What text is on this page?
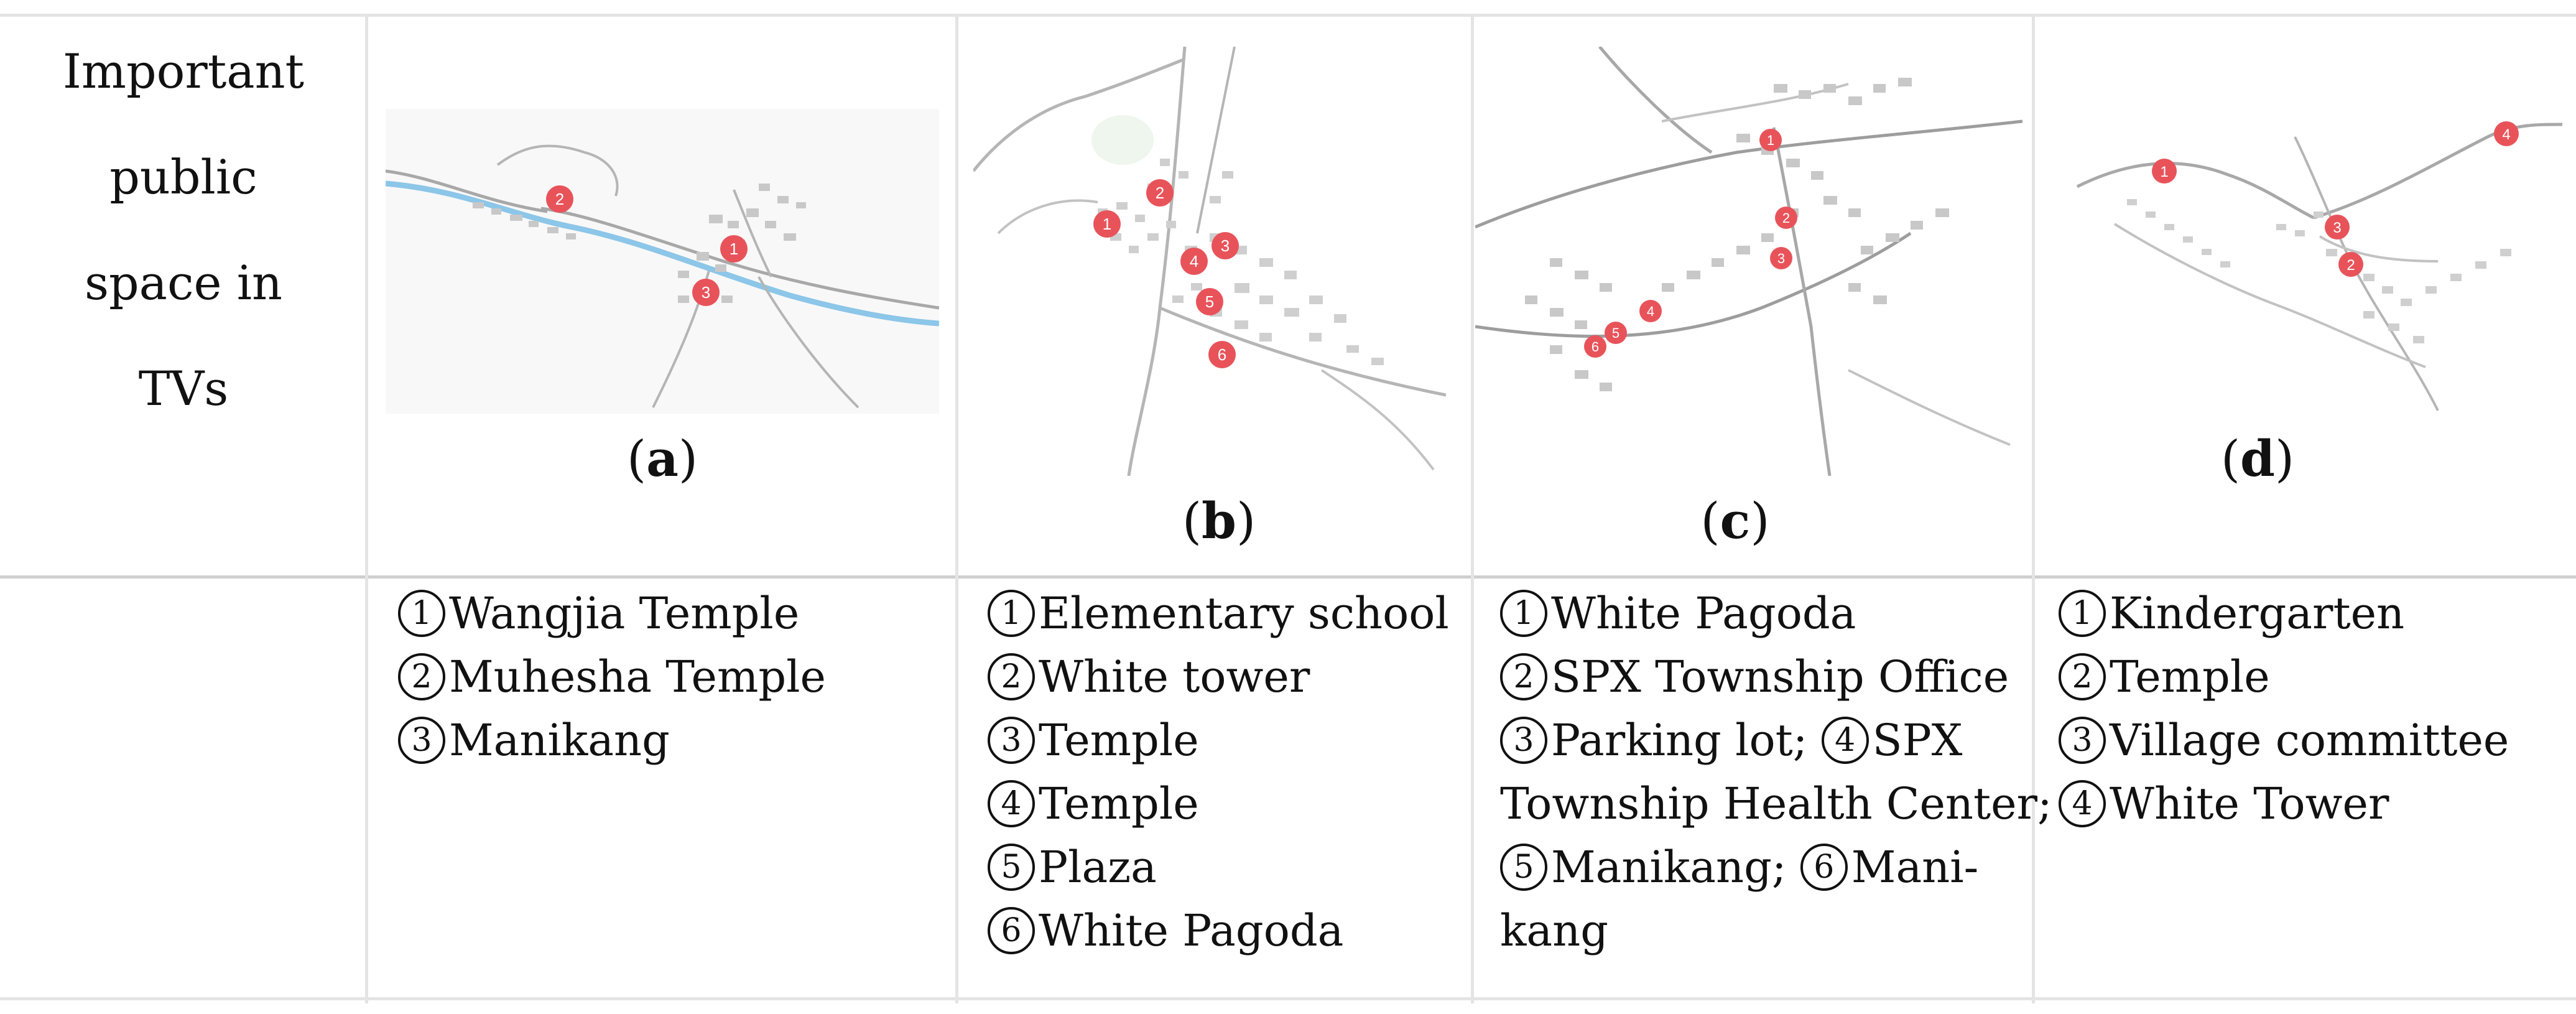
Important
public
space in
TVs
2
1
3
(a)
1
2
3
4
5
6
(b)
1
2
3
4
5
6
(c)
1
3
2
4
(d)
1 Wangjia Temple
2 Muhesha Temple
3 Manikang
1 Elementary school
2 White tower
3 Temple
4 Temple
5 Plaza
6 White Pagoda
1 White Pagoda
2 SPX Township Office
3 Parking lot; 4 SPX
Township Health Center;
5 Manikang; 6 Mani-
kang
1 Kindergarten
2 Temple
3 Village committee
4 White Tower
